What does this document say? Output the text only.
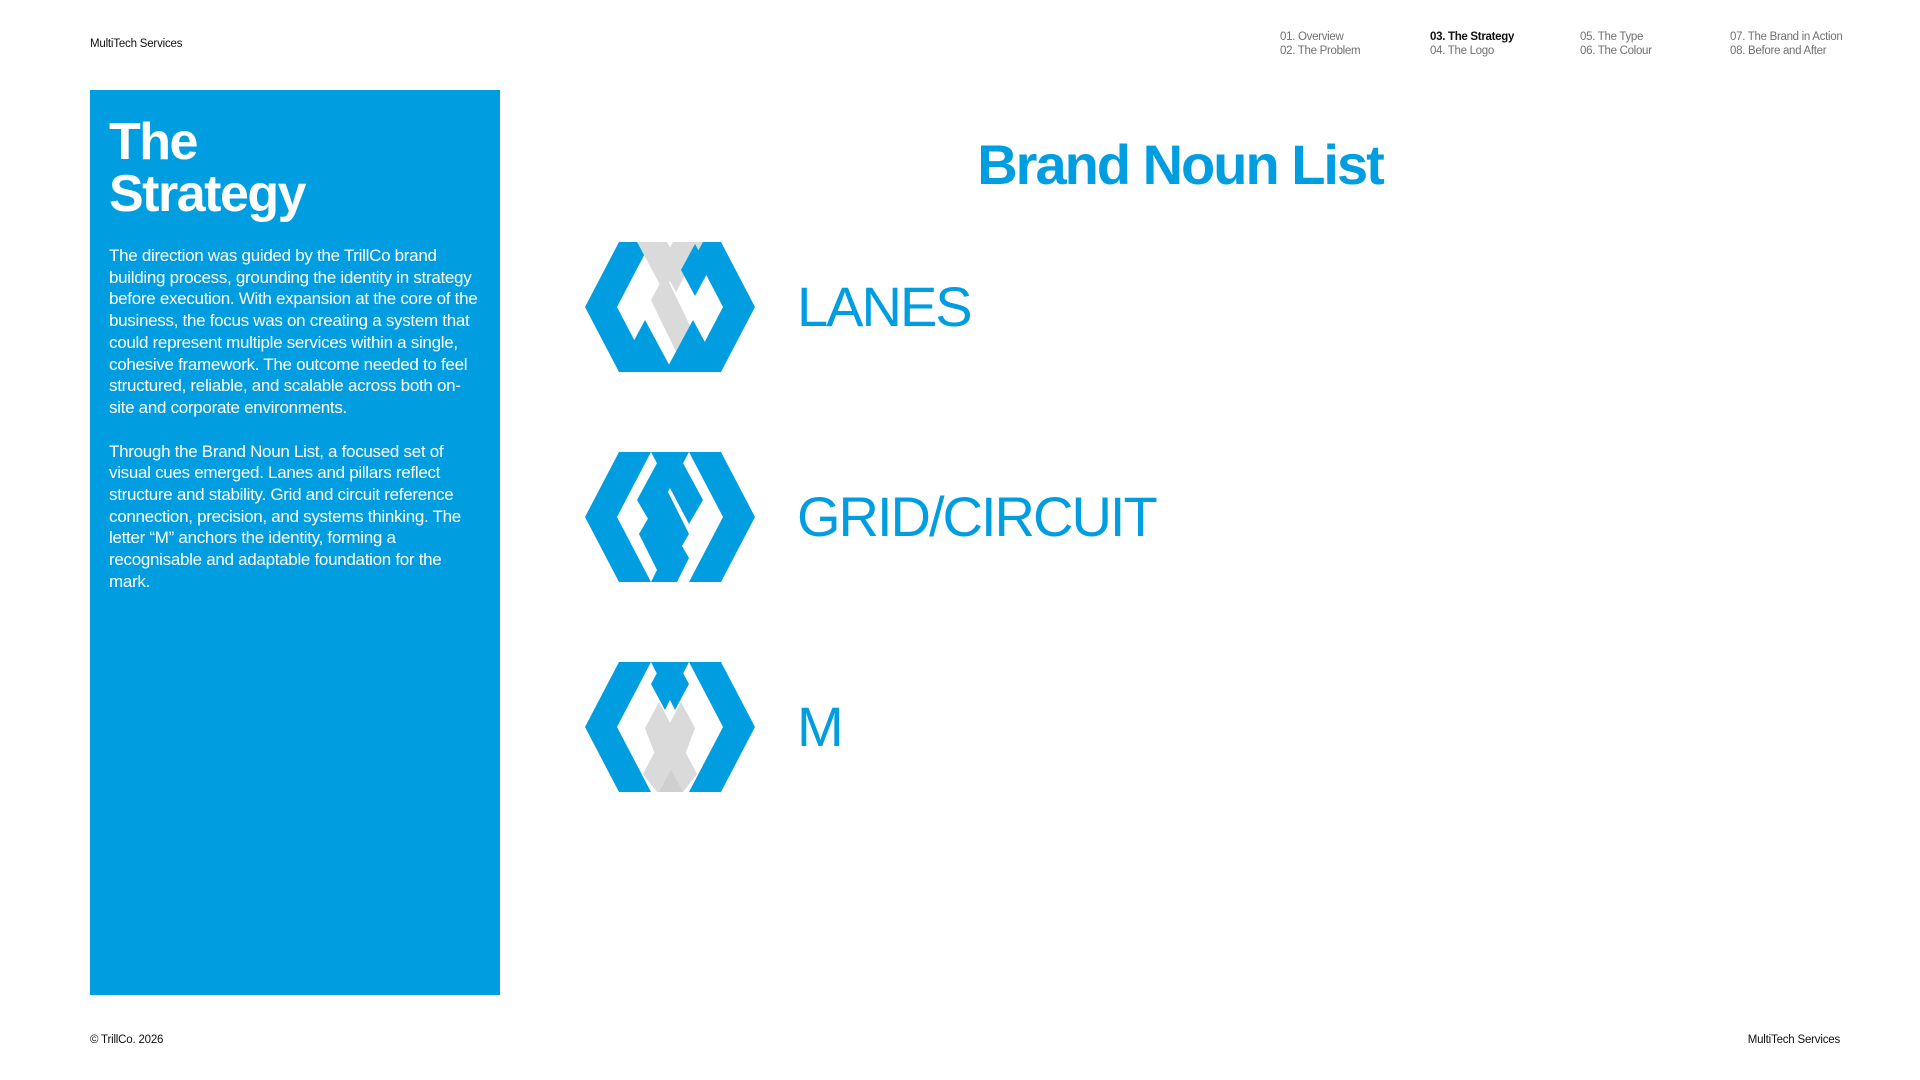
MultiTech Services
01. Overview
02. The Problem
03. The Strategy
04. The Logo
05. The Type
06. The Colour
07. The Brand in Action
08. Before and After
The
Strategy

The direction was guided by the TrillCo brand building process, grounding the identity in strategy before execution. With expansion at the core of the business, the focus was on creating a system that could represent multiple services within a single, cohesive framework. The outcome needed to feel structured, reliable, and scalable across both on-site and corporate environments.

Through the Brand Noun List, a focused set of visual cues emerged. Lanes and pillars reflect structure and stability. Grid and circuit reference connection, precision, and systems thinking. The letter “M” anchors the identity, forming a recognisable and adaptable foundation for the mark.

Brand Noun List
LANES
GRID/CIRCUIT
M
© TrillCo. 2026	MultiTech Services
